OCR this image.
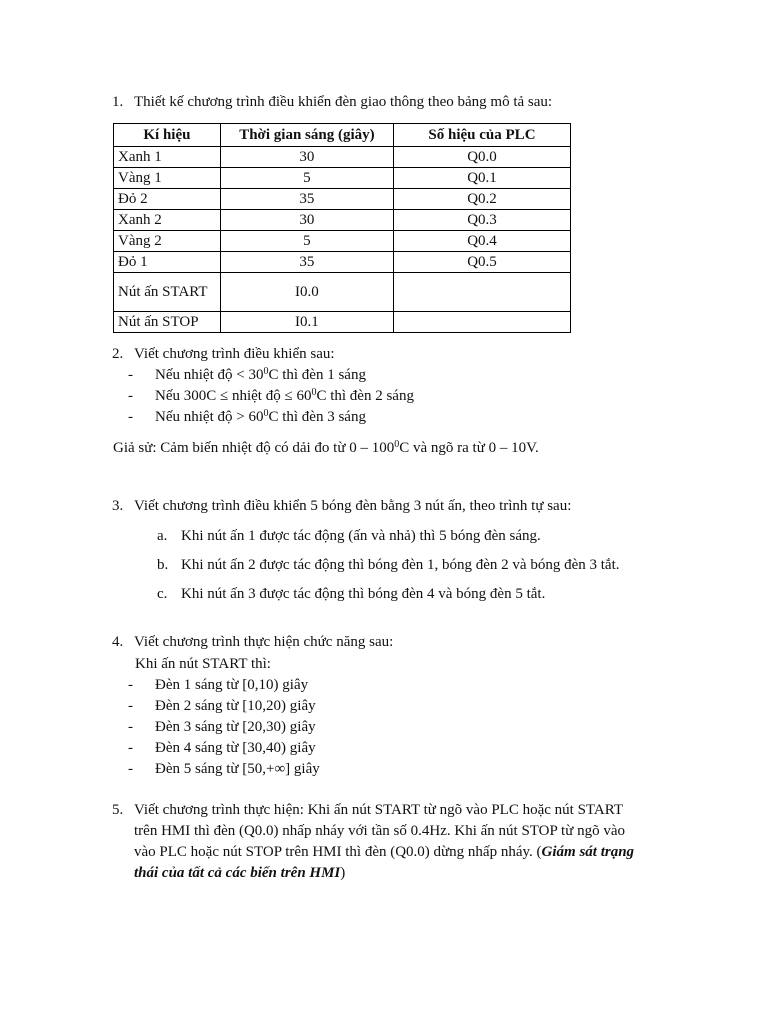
1. Thiết kế chương trình điều khiển đèn giao thông theo bảng mô tả sau:
Kí hiệu	Thời gian sáng (giây)	Số hiệu của PLC
Xanh 1	30	Q0.0
Vàng 1	5	Q0.1
Đỏ 2	35	Q0.2
Xanh 2	30	Q0.3
Vàng 2	5	Q0.4
Đỏ 1	35	Q0.5
Nút ấn START	I0.0	
Nút ấn STOP	I0.1	
2. Viết chương trình điều khiển sau:
-	Nếu nhiệt độ < $30^0C$ thì đèn 1 sáng
-	Nếu 300C ≤ nhiệt độ ≤ $60^0C$ thì đèn 2 sáng
-	Nếu nhiệt độ > $60^0C$ thì đèn 3 sáng
Giả sử: Cảm biến nhiệt độ có dải đo từ $0 - 100^0C$ và ngõ ra từ 0 – 10V.
3. Viết chương trình điều khiển 5 bóng đèn bằng 3 nút ấn, theo trình tự sau:
a. Khi nút ấn 1 được tác động (ấn và nhả) thì 5 bóng đèn sáng.
b. Khi nút ấn 2 được tác động thì bóng đèn 1, bóng đèn 2 và bóng đèn 3 tắt.
c. Khi nút ấn 3 được tác động thì bóng đèn 4 và bóng đèn 5 tắt.
4. Viết chương trình thực hiện chức năng sau:
Khi ấn nút START thì:
-	Đèn 1 sáng từ [0,10) giây
-	Đèn 2 sáng từ [10,20) giây
-	Đèn 3 sáng từ [20,30) giây
-	Đèn 4 sáng từ [30,40) giây
-	Đèn 5 sáng từ [50,+∞] giây
5. Viết chương trình thực hiện: Khi ấn nút START từ ngõ vào PLC hoặc nút START
trên HMI thì đèn (Q0.0) nhấp nháy với tần số 0.4Hz. Khi ấn nút STOP từ ngõ vào
vào PLC hoặc nút STOP trên HMI thì đèn (Q0.0) dừng nhấp nháy. (Giám sát trạng
thái của tất cả các biến trên HMI)
